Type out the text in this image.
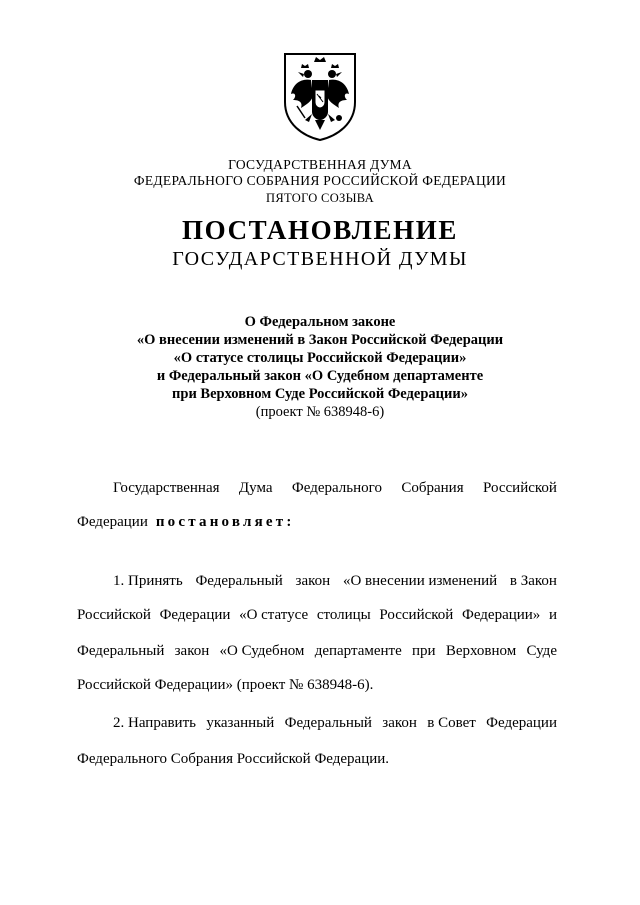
ГОСУДАРСТВЕННАЯ ДУМА
ФЕДЕРАЛЬНОГО СОБРАНИЯ РОССИЙСКОЙ ФЕДЕРАЦИИ
ПЯТОГО СОЗЫВА
ПОСТАНОВЛЕНИЕ
ГОСУДАРСТВЕННОЙ ДУМЫ
О Федеральном законе
«О внесении изменений в Закон Российской Федерации
«О статусе столицы Российской Федерации»
и Федеральный закон «О Судебном департаменте
при Верховном Суде Российской Федерации»
(проект № 638948-6)
Государственная Дума Федерального Собрания Российской
Федерации постановляет:
1. Принять Федеральный закон «О внесении изменений в Закон
Российской Федерации «О статусе столицы Российской Федерации» и
Федеральный закон «О Судебном департаменте при Верховном Суде
Российской Федерации» (проект № 638948-6).
2. Направить указанный Федеральный закон в Совет Федерации
Федерального Собрания Российской Федерации.
